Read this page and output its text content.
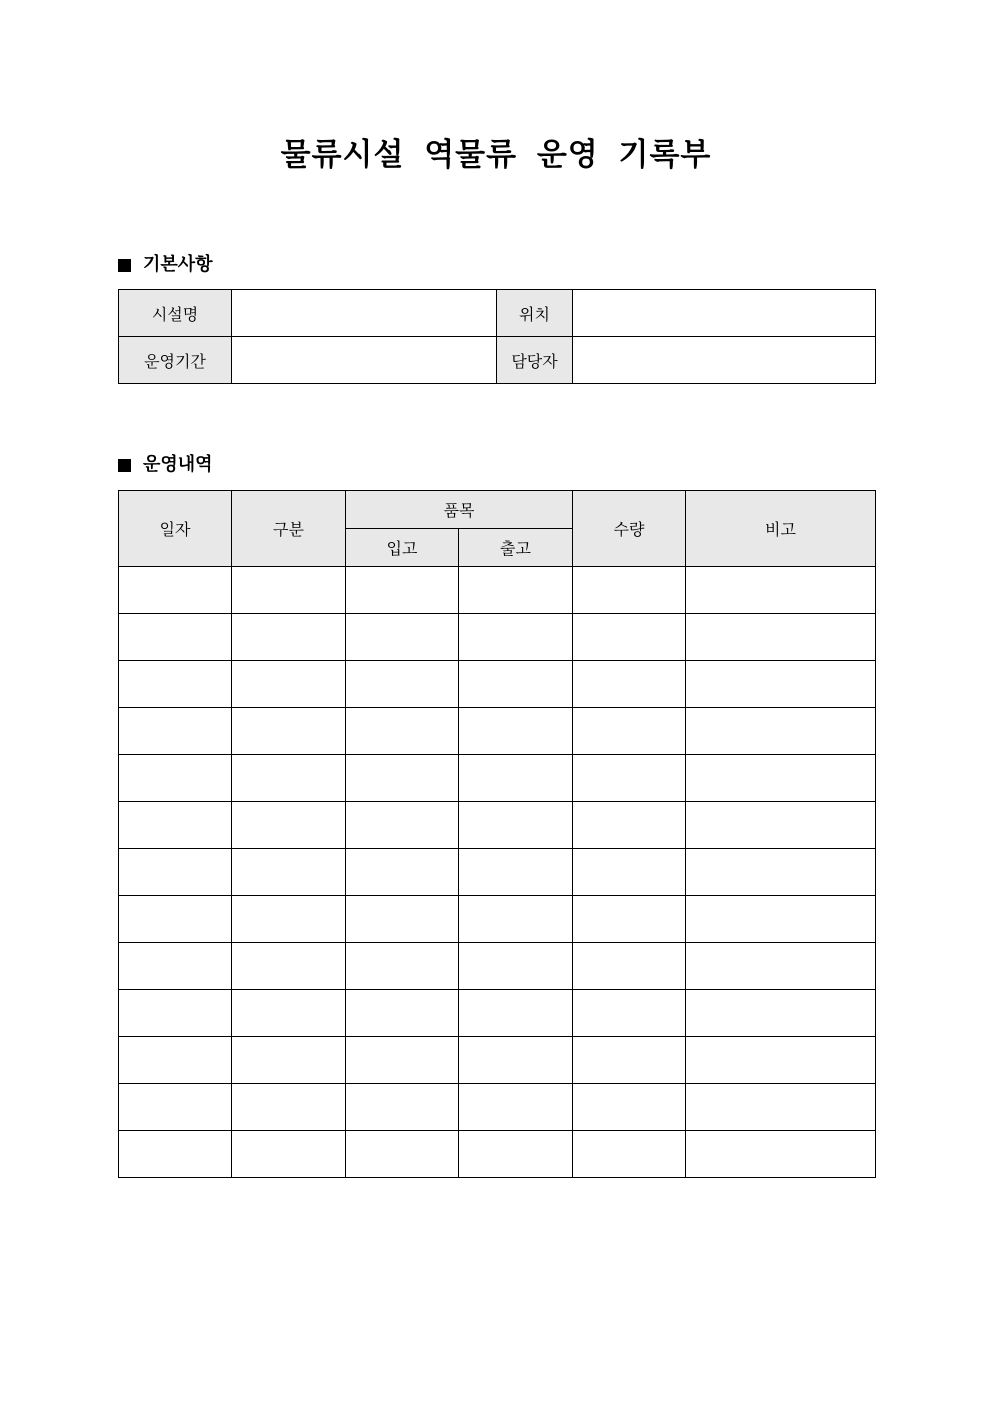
물류시설 역물류 운영 기록부
기본사항
시설명		위치	
운영기간		담당자	
운영내역
일자	구분	품목		수량	비고
		입고	출고		
